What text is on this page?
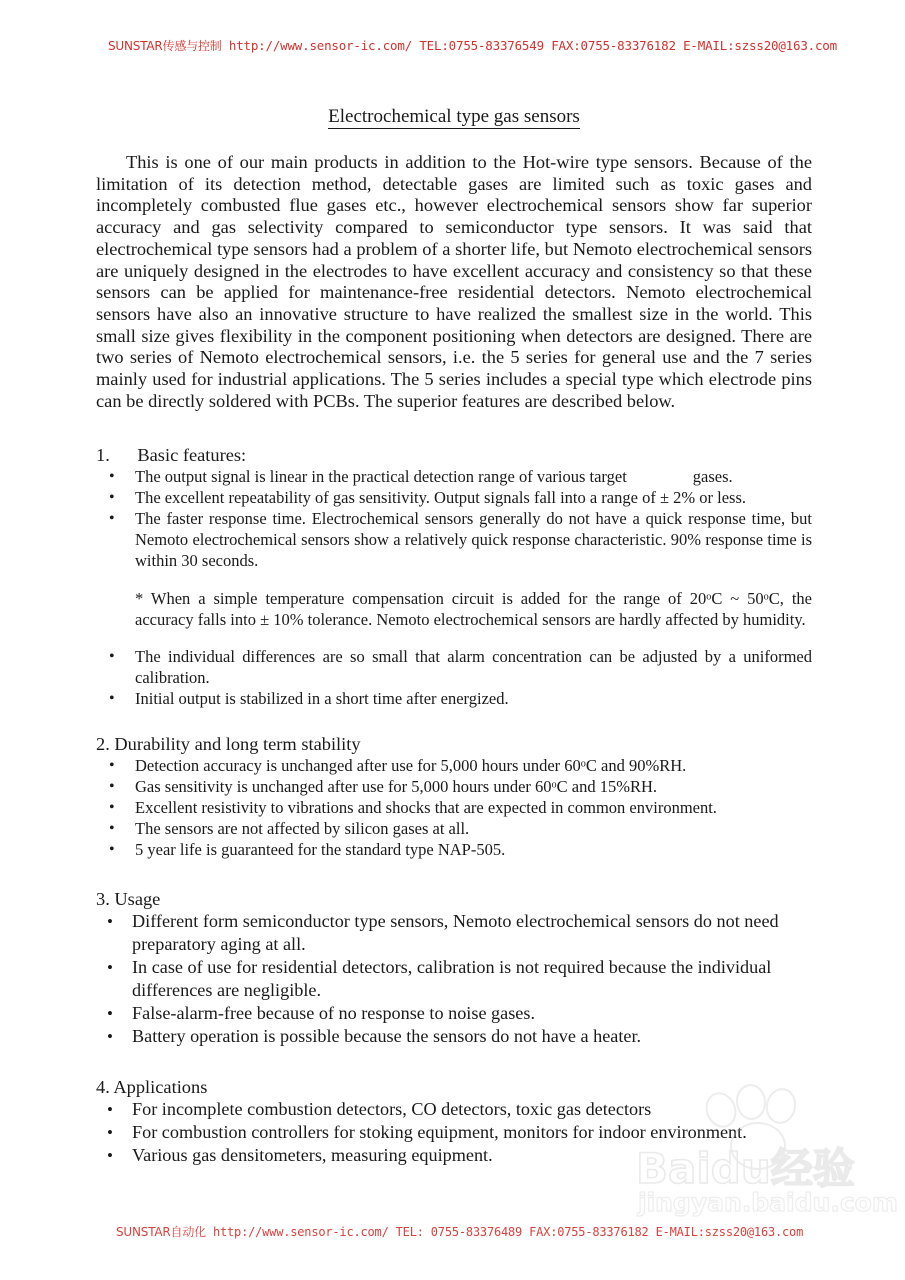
SUNSTAR传感与控制 http://www.sensor-ic.com/ TEL:0755-83376549 FAX:0755-83376182 E-MAIL:szss20@163.com
Electrochemical type gas sensors

This is one of our main products in addition to the Hot-wire type sensors. Because of the limitation of its detection method, detectable gases are limited such as toxic gases and incompletely combusted flue gases etc., however electrochemical sensors show far superior accuracy and gas selectivity compared to semiconductor type sensors. It was said that electrochemical type sensors had a problem of a shorter life, but Nemoto electrochemical sensors are uniquely designed in the electrodes to have excellent accuracy and consistency so that these sensors can be applied for maintenance-free residential detectors. Nemoto electrochemical sensors have also an innovative structure to have realized the smallest size in the world. This small size gives flexibility in the component positioning when detectors are designed. There are two series of Nemoto electrochemical sensors, i.e. the 5 series for general use and the 7 series mainly used for industrial applications. The 5 series includes a special type which electrode pins can be directly soldered with PCBs. The superior features are described below.

1.      Basic features:

• The output signal is linear in the practical detection range of various target	gases.
• The excellent repeatability of gas sensitivity. Output signals fall into a range of ± 2% or less.
• The faster response time. Electrochemical sensors generally do not have a quick response time, but Nemoto electrochemical sensors show a relatively quick response characteristic. 90% response time is within 30 seconds.

* When a simple temperature compensation circuit is added for the range of 20$^o$C ~ 50$^o$C, the accuracy falls into ± 10% tolerance. Nemoto electrochemical sensors are hardly affected by humidity.

• The individual differences are so small that alarm concentration can be adjusted by a uniformed calibration.
• Initial output is stabilized in a short time after energized.

2. Durability and long term stability

• Detection accuracy is unchanged after use for 5,000 hours under 60$^o$C and 90%RH.
• Gas sensitivity is unchanged after use for 5,000 hours under 60$^o$C and 15%RH.
• Excellent resistivity to vibrations and shocks that are expected in common environment.
• The sensors are not affected by silicon gases at all.
• 5 year life is guaranteed for the standard type NAP-505.

3. Usage

• Different form semiconductor type sensors, Nemoto electrochemical sensors do not need preparatory aging at all.
• In case of use for residential detectors, calibration is not required because the individual differences are negligible.
• False-alarm-free because of no response to noise gases.
• Battery operation is possible because the sensors do not have a heater.

4. Applications

• For incomplete combustion detectors, CO detectors, toxic gas detectors
• For combustion controllers for stoking equipment, monitors for indoor environment.
• Various gas densitometers, measuring equipment.	Baidu经验
jingyan.baidu.com
SUNSTAR自动化 http://www.sensor-ic.com/ TEL: 0755-83376489 FAX:0755-83376182 E-MAIL:szss20@163.com
